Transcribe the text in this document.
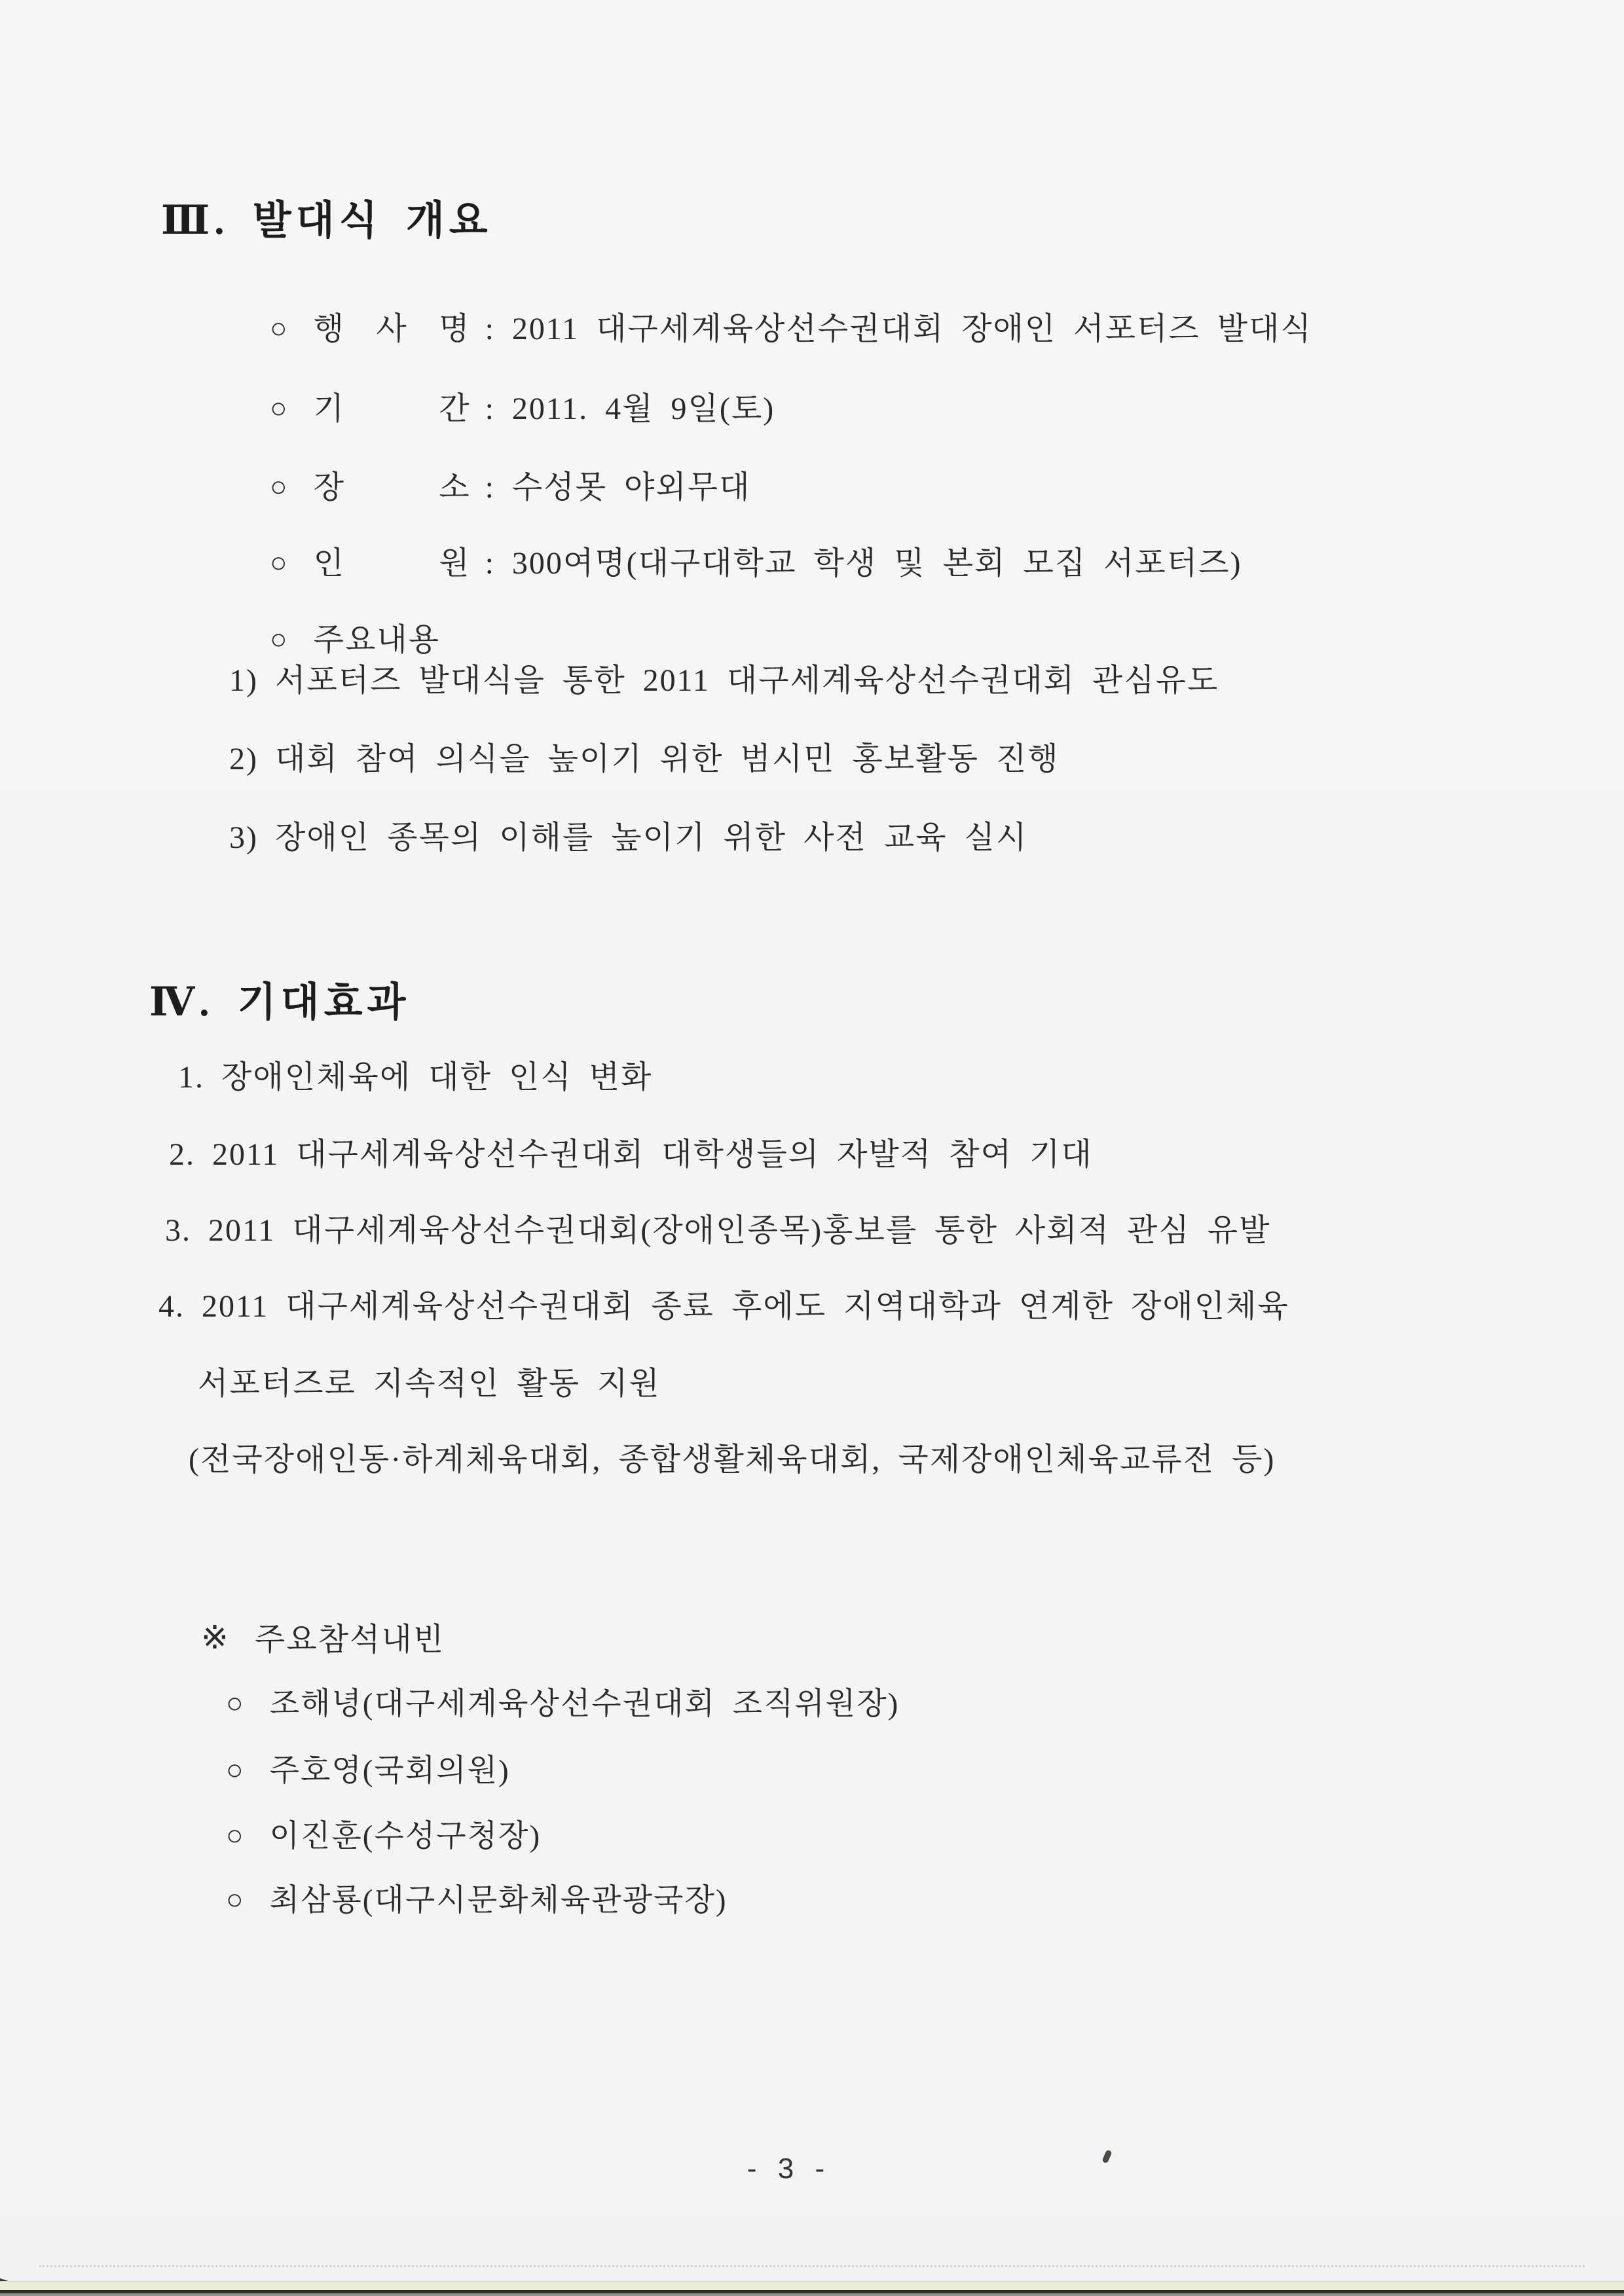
Ⅲ. 발대식 개요

○ 행 사 명 : 2011 대구세계육상선수권대회 장애인 서포터즈 발대식

○ 기 간 : 2011. 4월 9일(토)

○ 장 소 : 수성못 야외무대

○ 인 원 : 300여명(대구대학교 학생 및 본회 모집 서포터즈)

○ 주요내용

1) 서포터즈 발대식을 통한 2011 대구세계육상선수권대회 관심유도
2) 대회 참여 의식을 높이기 위한 범시민 홍보활동 진행
3) 장애인 종목의 이해를 높이기 위한 사전 교육 실시
Ⅳ. 기대효과
1. 장애인체육에 대한 인식 변화
2. 2011 대구세계육상선수권대회 대학생들의 자발적 참여 기대
3. 2011 대구세계육상선수권대회(장애인종목)홍보를 통한 사회적 관심 유발
4. 2011 대구세계육상선수권대회 종료 후에도 지역대학과 연계한 장애인체육
서포터즈로 지속적인 활동 지원
(전국장애인동·하계체육대회, 종합생활체육대회, 국제장애인체육교류전 등)

※ 주요참석내빈

○ 조해녕(대구세계육상선수권대회 조직위원장)

○ 주호영(국회의원)

○ 이진훈(수성구청장)

○ 최삼룡(대구시문화체육관광국장)

- 3 -
